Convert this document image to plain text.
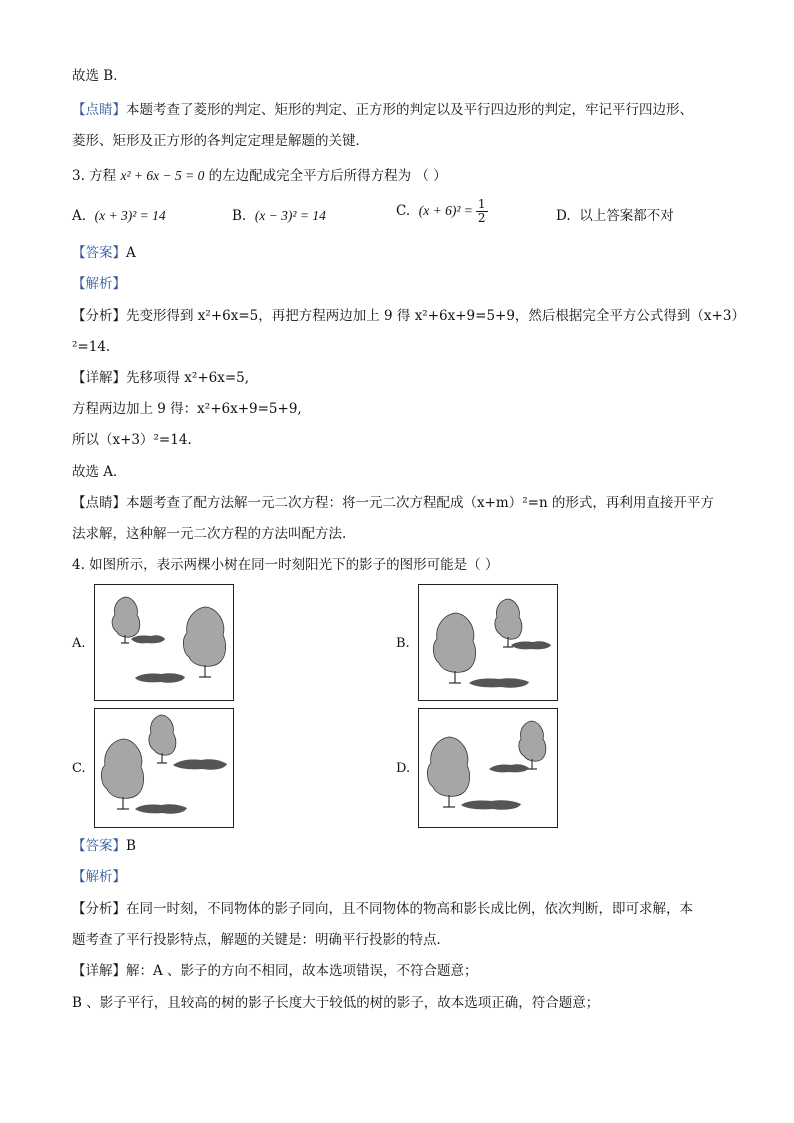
故选 B．
【点睛】本题考查了菱形的判定、矩形的判定、正方形的判定以及平行四边形的判定，牢记平行四边形、
菱形、矩形及正方形的各判定定理是解题的关键．
3. 方程 x² + 6x − 5 = 0 的左边配成完全平方后所得方程为 （ ）
A. (x + 3)² = 14	B. (x − 3)² = 14	C. $(x + 6)^2 = \frac{1}{2}$	D. 以上答案都不对
【答案】A
【解析】
【分析】先变形得到 x²+6x=5，再把方程两边加上 9 得 x²+6x+9=5+9，然后根据完全平方公式得到（x+3）
²=14.
【详解】先移项得 x²+6x=5,
方程两边加上 9 得：x²+6x+9=5+9,
所以（x+3）²=14.
故选 A．
【点睛】本题考查了配方法解一元二次方程：将一元二次方程配成（x+m）²=n 的形式，再利用直接开平方
法求解，这种解一元二次方程的方法叫配方法.
4. 如图所示，表示两棵小树在同一时刻阳光下的影子的图形可能是（ ）
A.	B.
C.	D.
【答案】B
【解析】
【分析】在同一时刻，不同物体的影子同向，且不同物体的物高和影长成比例，依次判断，即可求解，本
题考查了平行投影特点，解题的关键是：明确平行投影的特点．
【详解】解：A 、影子的方向不相同，故本选项错误，不符合题意；
B 、影子平行，且较高的树的影子长度大于较低的树的影子，故本选项正确，符合题意；
